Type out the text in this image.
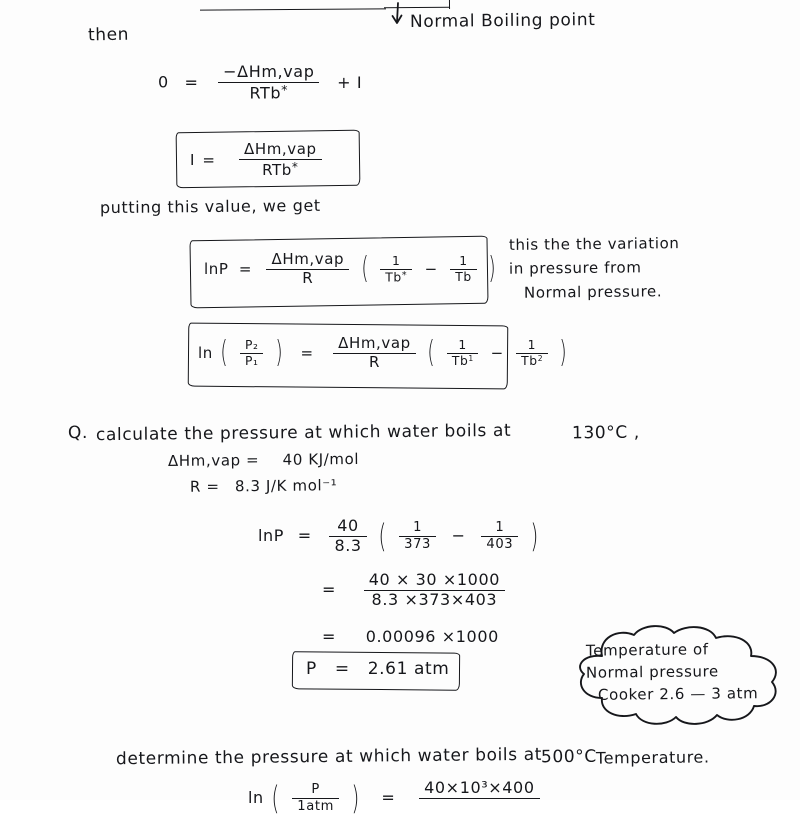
Normal Boiling point
then
$0 = \frac{\text{−ΔHm,vap}}{RTb^*} + I$
$I = \frac{\text{ΔHm,vap}}{RTb^*}$
putting this value, we get
$\ln P = \frac{\text{ΔHm,vap}}{R}$ ( $\frac{1}{Tb^*} - \frac{1}{Tb}$ )
this the the variation
in pressure from
Normal pressure.
ln ( $\frac{\text{P₂}}{\text{P₁}}$ ) = $\frac{\text{ΔHm,vap}}{R}$ ( $\frac{1}{Tb^1} - \frac{1}{Tb^2}$ )
Q. calculate the pressure at which water boils at	130°C ,
ΔHm,vap = 40 KJ/mol
R = 8.3 J/K mol⁻¹
$\ln P = \frac{40}{8.3}$ ( $\frac{1}{373} - \frac{1}{403}$ )
= $\frac{40 \times 30 \times 1000}{8.3 \times 373\times 403}$
= 0.00096 ×1000
P = 2.61 atm
Temperature of
Normal pressure
Cooker 2.6 — 3 atm
determine the pressure at which water boils at
500°C
Temperature.
ln ( $\frac{P}{\text{1atm}}$ ) =
40×10³×400
